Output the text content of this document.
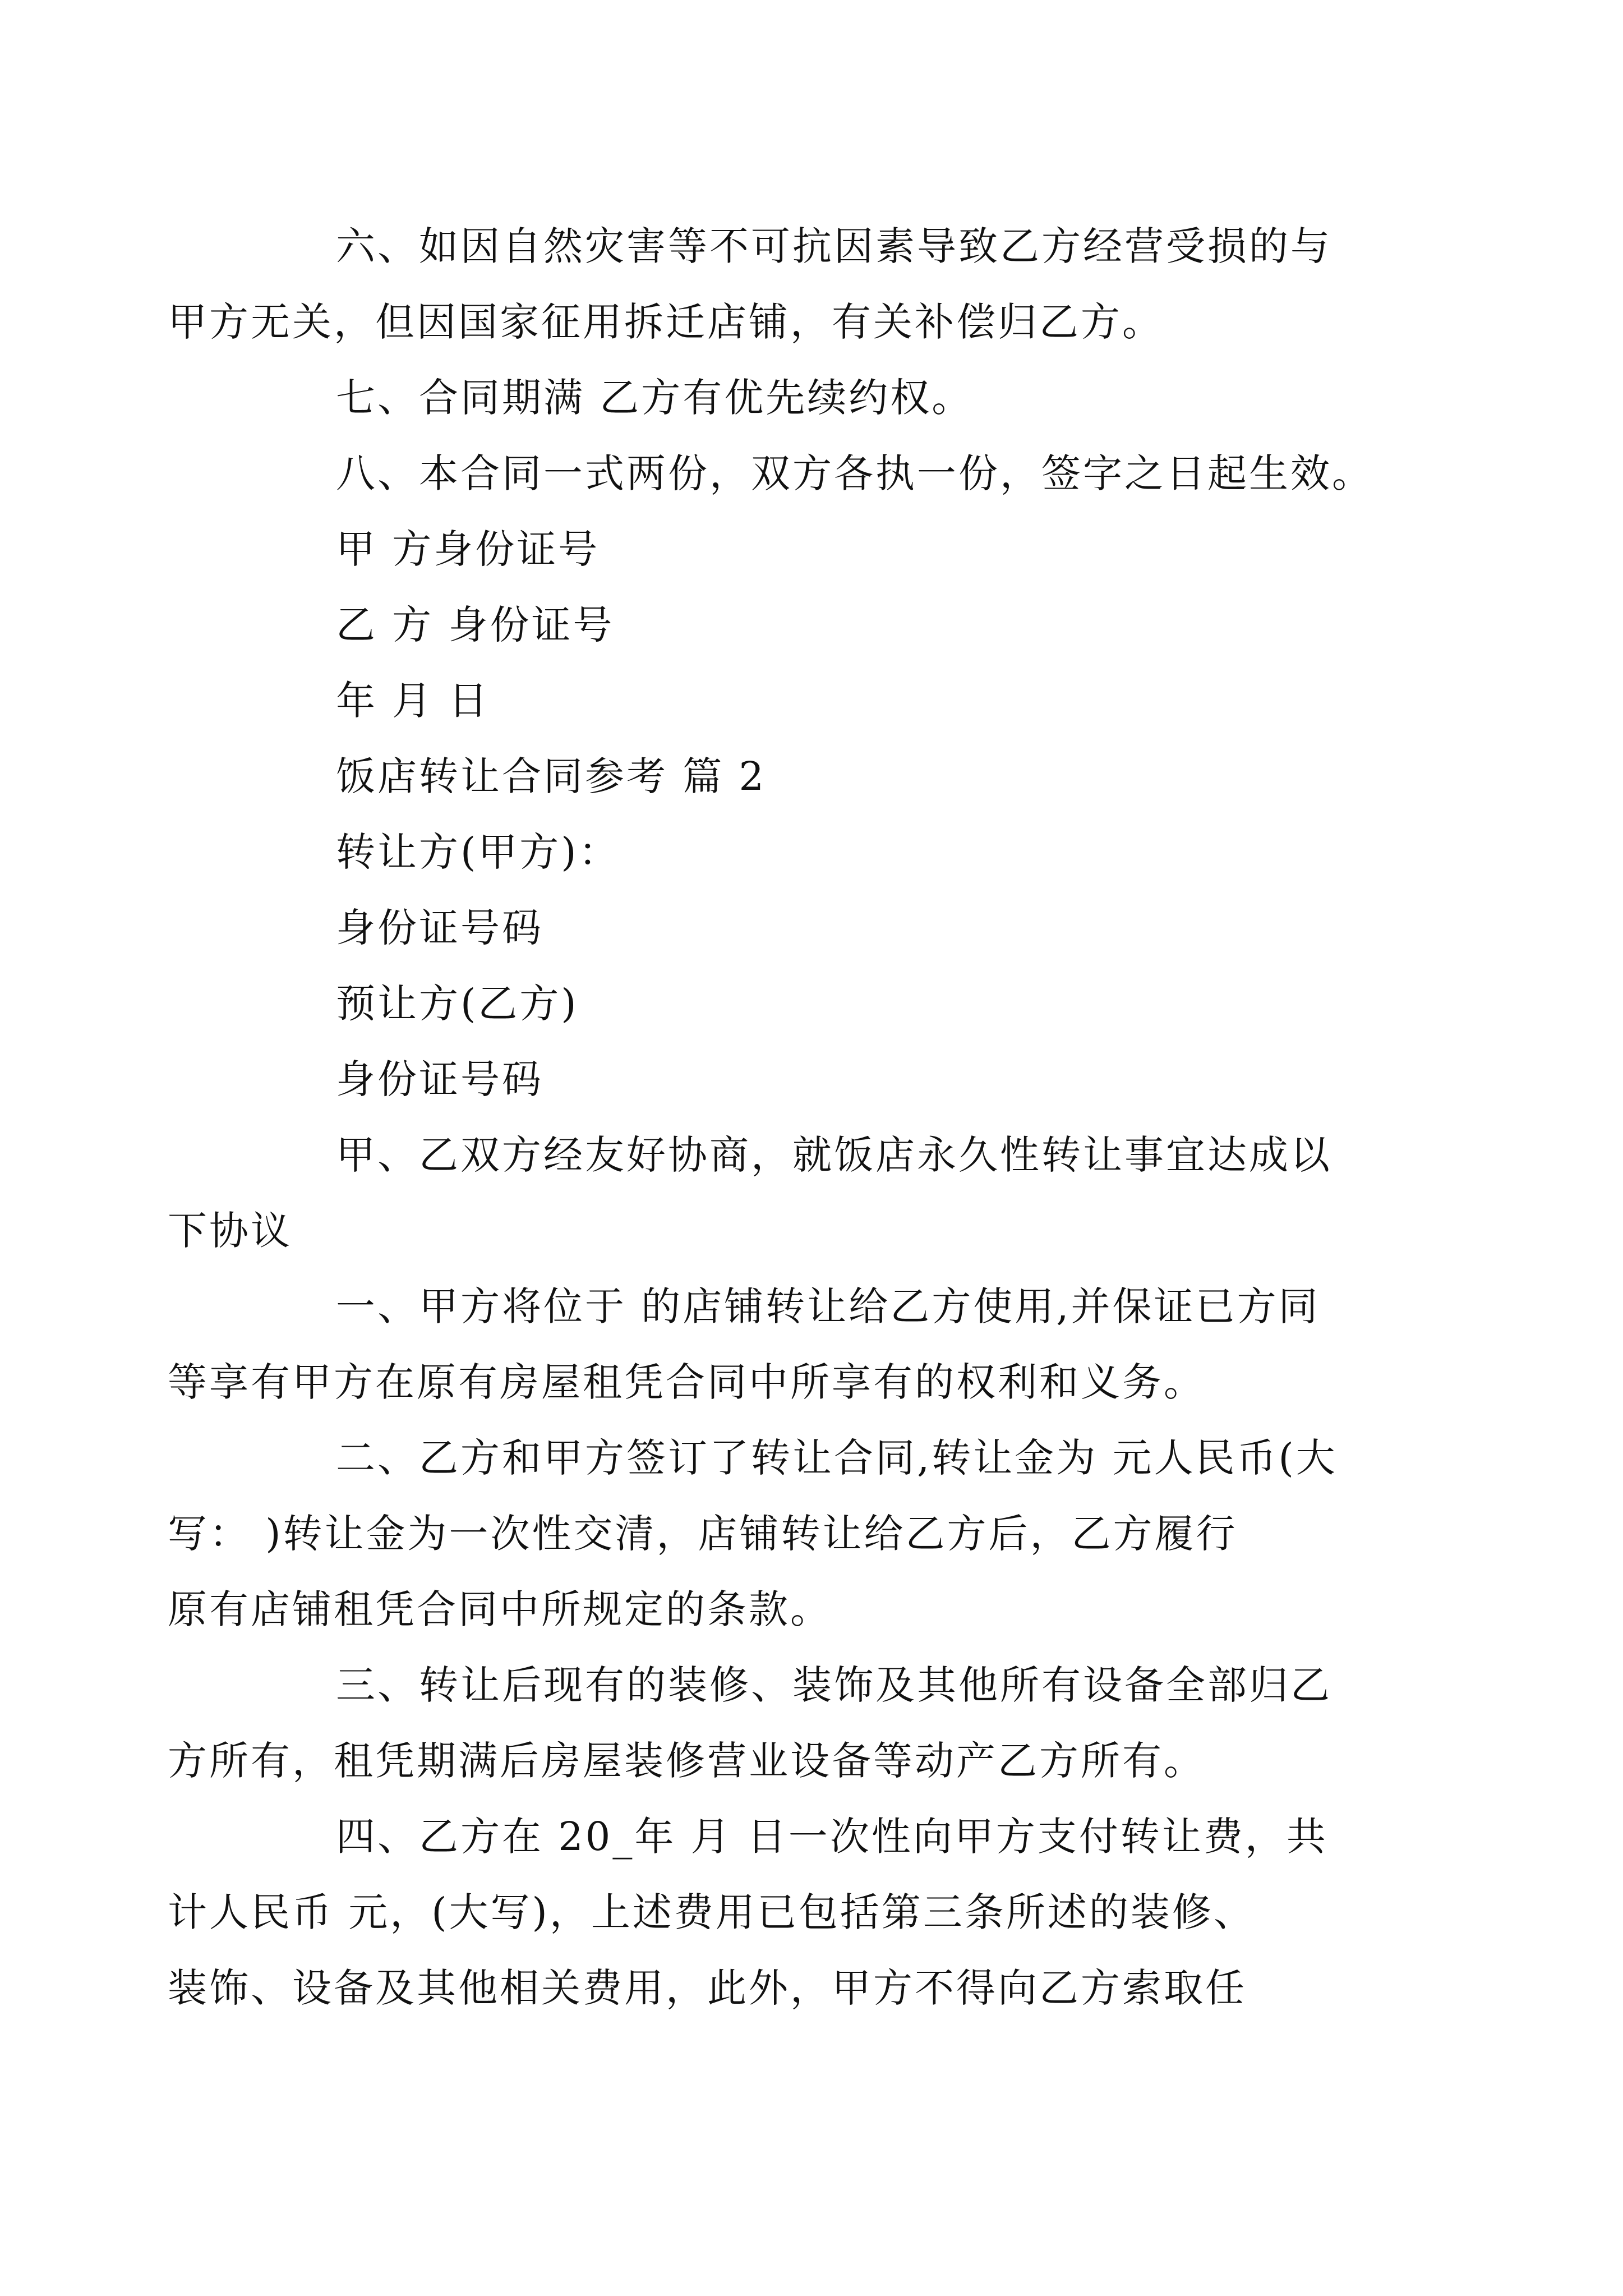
六、如因自然灾害等不可抗因素导致乙方经营受损的与
甲方无关，但因国家征用拆迁店铺，有关补偿归乙方。

七、合同期满 乙方有优先续约权。

八、本合同一式两份，双方各执一份，签字之日起生效。

甲 方身份证号

乙 方 身份证号

年 月 日

饭店转让合同参考 篇 2

转让方(甲方)：

身份证号码

预让方(乙方)

身份证号码

甲、乙双方经友好协商，就饭店永久性转让事宜达成以
下协议

一、甲方将位于 的店铺转让给乙方使用,并保证已方同
等享有甲方在原有房屋租凭合同中所享有的权利和义务。

二、乙方和甲方签订了转让合同,转让金为 元人民币(大
写： )转让金为一次性交清，店铺转让给乙方后，乙方履行
原有店铺租凭合同中所规定的条款。

三、转让后现有的装修、装饰及其他所有设备全部归乙
方所有，租凭期满后房屋装修营业设备等动产乙方所有。

四、乙方在 20_年 月 日一次性向甲方支付转让费，共
计人民币 元，(大写)，上述费用已包括第三条所述的装修、
装饰、设备及其他相关费用，此外，甲方不得向乙方索取任
